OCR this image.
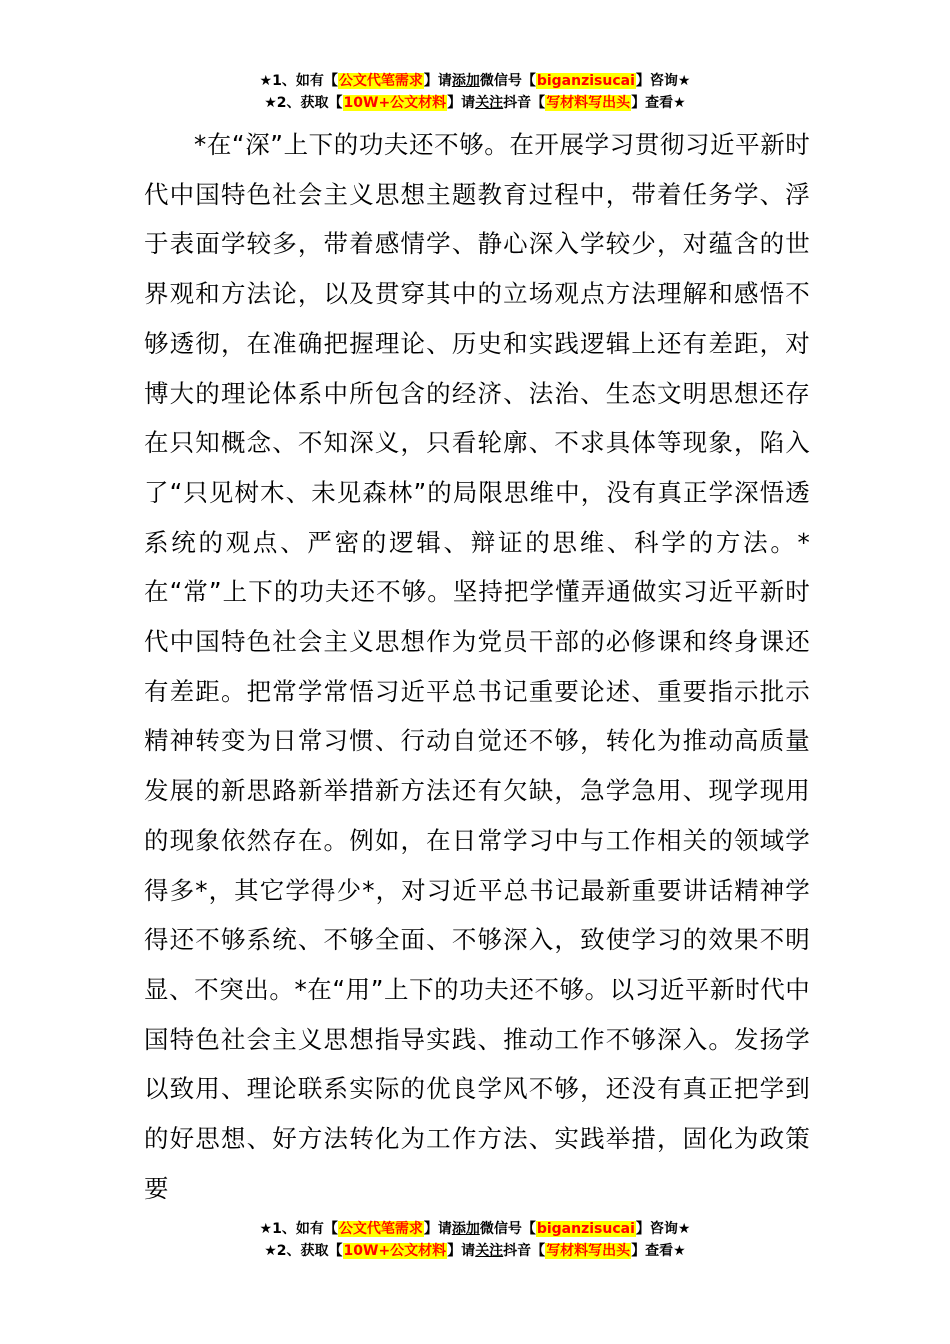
★1、如有【公文代笔需求】请添加微信号【biganzisucai】咨询★
★2、获取【10W+公文材料】请关注抖音【写材料写出头】查看★
*在“深”上下的功夫还不够。在开展学习贯彻习近平新时代中国特色社会主义思想主题教育过程中，带着任务学、浮于表面学较多，带着感情学、静心深入学较少，对蕴含的世界观和方法论，以及贯穿其中的立场观点方法理解和感悟不够透彻，在准确把握理论、历史和实践逻辑上还有差距，对博大的理论体系中所包含的经济、法治、生态文明思想还存在只知概念、不知深义，只看轮廓、不求具体等现象，陷入了“只见树木、未见森林”的局限思维中，没有真正学深悟透系统的观点、严密的逻辑、辩证的思维、科学的方法。*在“常”上下的功夫还不够。坚持把学懂弄通做实习近平新时代中国特色社会主义思想作为党员干部的必修课和终身课还有差距。把常学常悟习近平总书记重要论述、重要指示批示精神转变为日常习惯、行动自觉还不够，转化为推动高质量发展的新思路新举措新方法还有欠缺，急学急用、现学现用的现象依然存在。例如，在日常学习中与工作相关的领域学得多*，其它学得少*，对习近平总书记最新重要讲话精神学得还不够系统、不够全面、不够深入，致使学习的效果不明显、不突出。*在“用”上下的功夫还不够。以习近平新时代中国特色社会主义思想指导实践、推动工作不够深入。发扬学以致用、理论联系实际的优良学风不够，还没有真正把学到的好思想、好方法转化为工作方法、实践举措，固化为政策要
★1、如有【公文代笔需求】请添加微信号【biganzisucai】咨询★
★2、获取【10W+公文材料】请关注抖音【写材料写出头】查看★
